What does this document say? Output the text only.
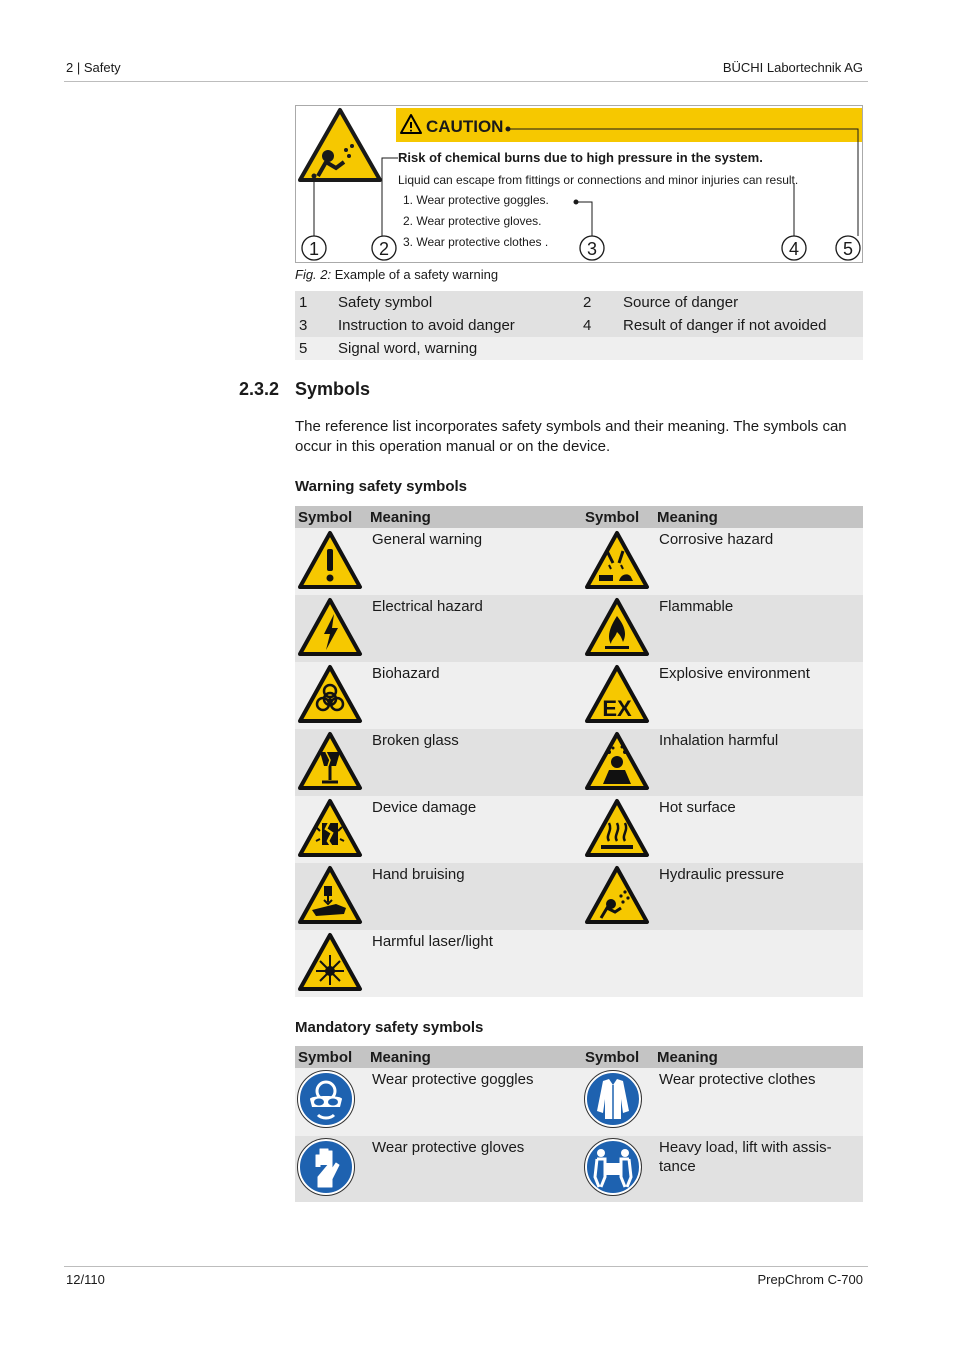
2 | Safety	BÜCHI Labortechnik AG
CAUTION
Risk of chemical burns due to high pressure in the system.
Liquid can escape from fittings or connections and minor injuries can result.
1. Wear protective goggles.
2. Wear protective gloves.
3. Wear protective clothes .
1	2	3	4 5
Fig. 2: Example of a safety warning
1	Safety symbol	2	Source of danger
3	Instruction to avoid danger	4	Result of danger if not avoided
5	Signal word, warning		
2.3.2 Symbols

The reference list incorporates safety symbols and their meaning. The symbols can occur in this operation manual or on the device.

Warning safety symbols
Symbol	Meaning	Symbol	Meaning
	General warning		Corrosive hazard
	Electrical hazard		Flammable
	Biohazard	EX	Explosive environment
	Broken glass		Inhalation harmful
	Device damage		Hot surface
	Hand bruising		Hydraulic pressure
	Harmful laser/light		
Mandatory safety symbols
Symbol	Meaning	Symbol	Meaning
	Wear protective goggles		Wear protective clothes
	Wear protective gloves		Heavy load, lift with assis-tance
12/110	PrepChrom C-700
